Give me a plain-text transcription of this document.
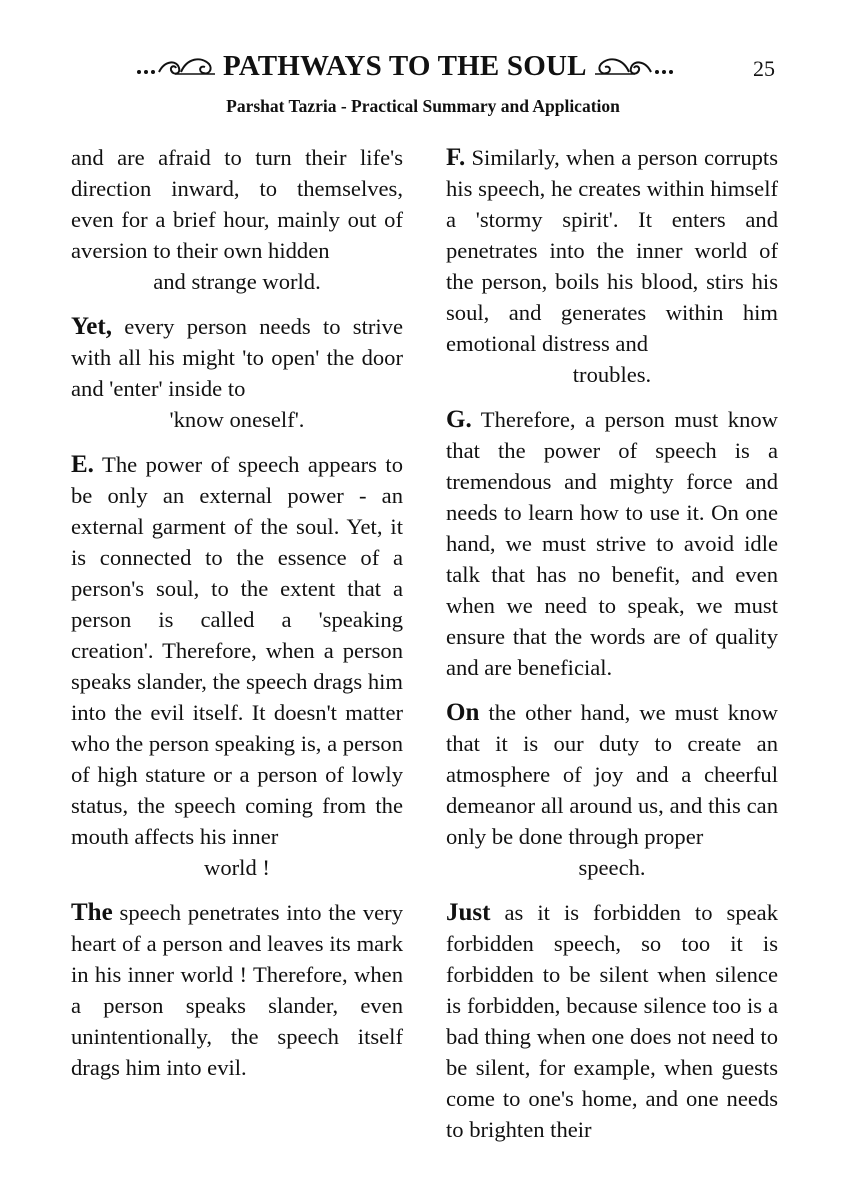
PATHWAYS TO THE SOUL	25
Parshat Tazria - Practical Summary and Application

and are afraid to turn their life's direction inward, to themselves, even for a brief hour, mainly out of aversion to their own hidden
and strange world.

Yet, every person needs to strive with all his might 'to open' the door and 'enter' inside to
'know oneself'.

E. The power of speech appears to be only an external power - an external garment of the soul. Yet, it is connected to the essence of a person's soul, to the extent that a person is called a 'speaking creation'. Therefore, when a person speaks slander, the speech drags him into the evil itself. It doesn't matter who the person speaking is, a person of high stature or a person of lowly status, the speech coming from the mouth affects his inner
world !

The speech penetrates into the very heart of a person and leaves its mark in his inner world ! Therefore, when a person speaks slander, even unintentionally, the speech itself drags him into evil.

F. Similarly, when a person corrupts his speech, he creates within himself a 'stormy spirit'. It enters and penetrates into the inner world of the person, boils his blood, stirs his soul, and generates within him emotional distress and
troubles.

G. Therefore, a person must know that the power of speech is a tremendous and mighty force and needs to learn how to use it. On one hand, we must strive to avoid idle talk that has no benefit, and even when we need to speak, we must ensure that the words are of quality and are beneficial.

On the other hand, we must know that it is our duty to create an atmosphere of joy and a cheerful demeanor all around us, and this can only be done through proper
speech.

Just as it is forbidden to speak forbidden speech, so too it is forbidden to be silent when silence is forbidden, because silence too is a bad thing when one does not need to be silent, for example, when guests come to one's home, and one needs to brighten their
